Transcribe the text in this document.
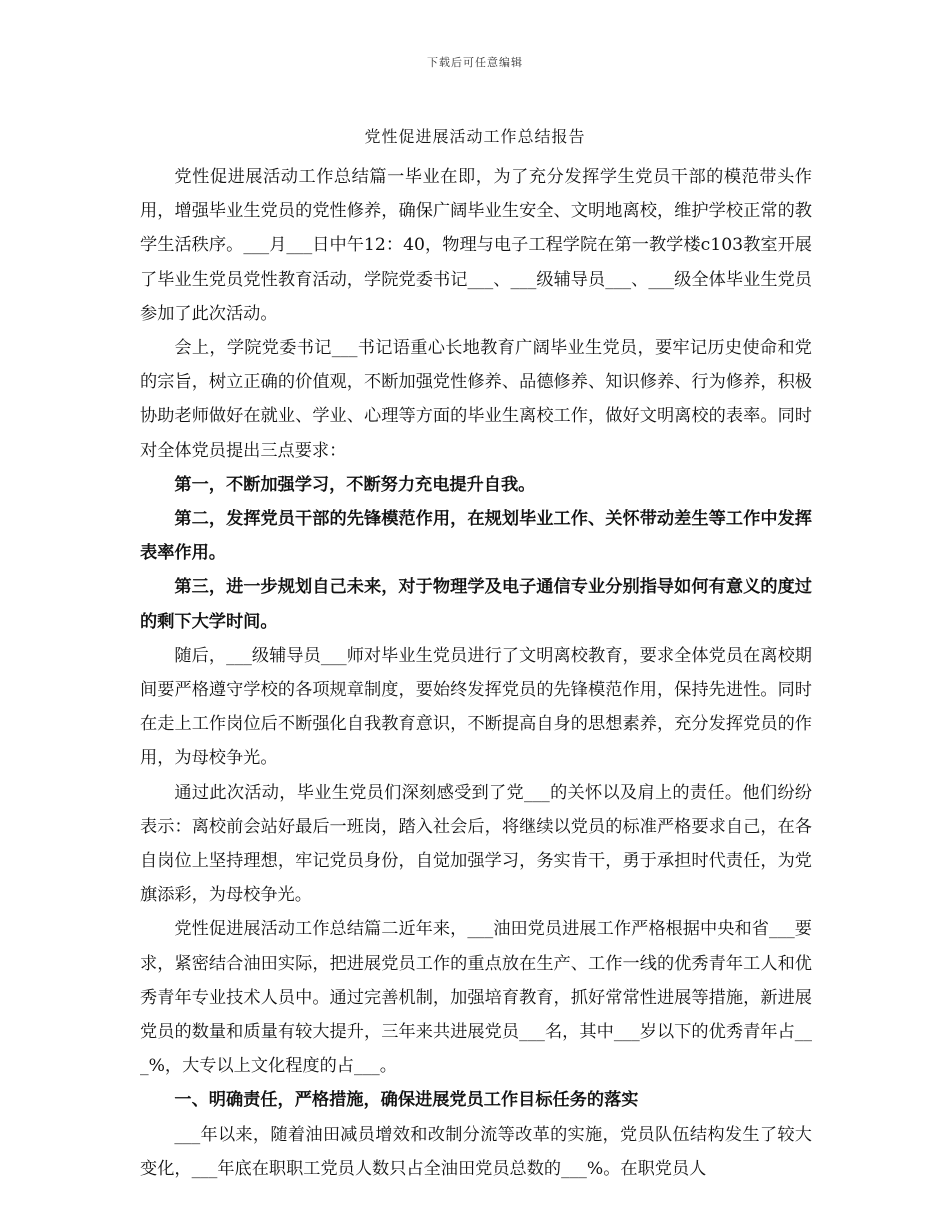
下载后可任意编辑
党性促进展活动工作总结报告

党性促进展活动工作总结篇一毕业在即，为了充分发挥学生党员干部的模范带头作用，增强毕业生党员的党性修养，确保广阔毕业生安全、文明地离校，维护学校正常的教学生活秩序。___月___日中午12：40，物理与电子工程学院在第一教学楼c103教室开展了毕业生党员党性教育活动，学院党委书记___、___级辅导员___、___级全体毕业生党员参加了此次活动。

会上，学院党委书记___书记语重心长地教育广阔毕业生党员，要牢记历史使命和党的宗旨，树立正确的价值观，不断加强党性修养、品德修养、知识修养、行为修养，积极协助老师做好在就业、学业、心理等方面的毕业生离校工作，做好文明离校的表率。同时对全体党员提出三点要求：

第一，不断加强学习，不断努力充电提升自我。

第二，发挥党员干部的先锋模范作用，在规划毕业工作、关怀带动差生等工作中发挥表率作用。

第三，进一步规划自己未来，对于物理学及电子通信专业分别指导如何有意义的度过的剩下大学时间。

随后，___级辅导员___师对毕业生党员进行了文明离校教育，要求全体党员在离校期间要严格遵守学校的各项规章制度，要始终发挥党员的先锋模范作用，保持先进性。同时在走上工作岗位后不断强化自我教育意识，不断提高自身的思想素养，充分发挥党员的作用，为母校争光。

通过此次活动，毕业生党员们深刻感受到了党___的关怀以及肩上的责任。他们纷纷表示：离校前会站好最后一班岗，踏入社会后，将继续以党员的标准严格要求自己，在各自岗位上坚持理想，牢记党员身份，自觉加强学习，务实肯干，勇于承担时代责任，为党旗添彩，为母校争光。

党性促进展活动工作总结篇二近年来，___油田党员进展工作严格根据中央和省___要求，紧密结合油田实际，把进展党员工作的重点放在生产、工作一线的优秀青年工人和优秀青年专业技术人员中。通过完善机制，加强培育教育，抓好常常性进展等措施，新进展党员的数量和质量有较大提升，三年来共进展党员___名，其中___岁以下的优秀青年占___%，大专以上文化程度的占___。

一、明确责任，严格措施，确保进展党员工作目标任务的落实

___年以来，随着油田减员增效和改制分流等改革的实施，党员队伍结构发生了较大变化，___年底在职职工党员人数只占全油田党员总数的___%。在职党员人
